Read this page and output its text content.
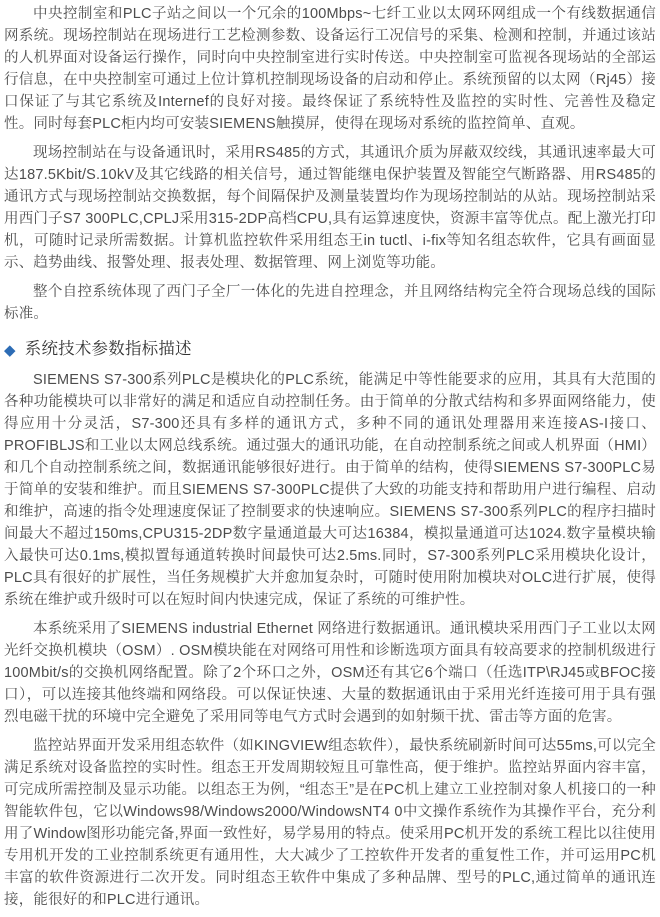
中央控制室和PLC子站之间以一个冗余的100Mbps~七纤工业以太网环网组成一个有线数据通信网系统。现场控制站在现场进行工艺检测参数、设备运行工况信号的采集、检测和控制，并通过该站的人机界面对设备运行操作，同时向中央控制室进行实时传送。中央控制室可监视各现场站的全部运行信息，在中央控制室可通过上位计算机控制现场设备的启动和停止。系统预留的以太网（Rj45）接口保证了与其它系统及Internef的良好对接。最终保证了系统特性及监控的实时性、完善性及稳定性。同时每套PLC柜内均可安装SIEMENS触摸屏，使得在现场对系统的监控简单、直观。

现场控制站在与设备通讯时，采用RS485的方式，其通讯介质为屏蔽双绞线，其通讯速率最大可达187.5Kbit/S.10kV及其它线路的相关信号，通过智能继电保护装置及智能空气断路器、用RS485的通讯方式与现场控制站交换数据，每个间隔保护及测量装置均作为现场控制站的从站。现场控制站采用西门子S7 300PLC,CPLJ采用315-2DP高档CPU,具有运算速度快，资源丰富等优点。配上激光打印机，可随时记录所需数据。计算机监控软件采用组态王in tuctl、i-fix等知名组态软件，它具有画面显示、趋势曲线、报警处理、报表处理、数据管理、网上浏览等功能。

整个自控系统体现了西门子全厂一体化的先进自控理念，并且网络结构完全符合现场总线的国际标准。

◆ 系统技术参数指标描述

SIEMENS S7-300系列PLC是模块化的PLC系统，能满足中等性能要求的应用，其具有大范围的各种功能模块可以非常好的满足和适应自动控制任务。由于简单的分散式结构和多界面网络能力，使得应用十分灵活，S7-300还具有多样的通讯方式，多种不同的通讯处理器用来连接AS-I接口、PROFIBLJS和工业以太网总线系统。通过强大的通讯功能，在自动控制系统之间或人机界面（HMI）和几个自动控制系统之间，数据通讯能够很好进行。由于简单的结构，使得SIEMENS S7-300PLC易于简单的安装和维护。而且SIEMENS S7-300PLC提供了大致的功能支持和帮助用户进行编程、启动和维护，高速的指令处理速度保证了控制要求的快速响应。SIEMENS S7-300系列PLC的程序扫描时间最大不超过150ms,CPU315-2DP数字量通道最大可达16384，模拟量通道可达1024.数字量模块输入最快可达0.1ms,模拟置每通道转换时间最快可达2.5ms.同时，S7-300系列PLC采用模块化设计，PLC具有很好的扩展性，当任务规模扩大并愈加复杂时，可随时使用附加模块对OLC进行扩展，使得系统在维护或升级时可以在短时间内快速完成，保证了系统的可维护性。

本系统采用了SIEMENS industrial Ethernet 网络进行数据通讯。通讯模块采用西门子工业以太网光纤交换机模块（OSM）. OSM模块能在对网络可用性和诊断选项方面具有较高要求的控制机级进行100Mbit/s的交换机网络配置。除了2个环口之外，OSM还有其它6个端口（任选ITP\RJ45或BFOC接口），可以连接其他终端和网络段。可以保证快速、大量的数据通讯由于采用光纤连接可用于具有强烈电磁干扰的环境中完全避免了采用同等电气方式时会遇到的如射频干扰、雷击等方面的危害。

监控站界面开发采用组态软件（如KINGVIEW组态软件），最快系统刷新时间可达55ms,可以完全满足系统对设备监控的实时性。组态王开发周期较短且可靠性高，便于维护。监控站界面内容丰富，可完成所需控制及显示功能。以组态王为例，“组态王”是在PC机上建立工业控制对象人机接口的一种智能软件包，它以Windows98/Windows2000/WindowsNT4 0中文操作系统作为其操作平台，充分利用了Window图形功能完备,界面一致性好，易学易用的特点。使采用PC机开发的系统工程比以往使用专用机开发的工业控制系统更有通用性，大大减少了工控软件开发者的重复性工作，并可运用PC机丰富的软件资源进行二次开发。同时组态王软件中集成了多种品牌、型号的PLC,通过简单的通讯连接，能很好的和PLC进行通讯。
